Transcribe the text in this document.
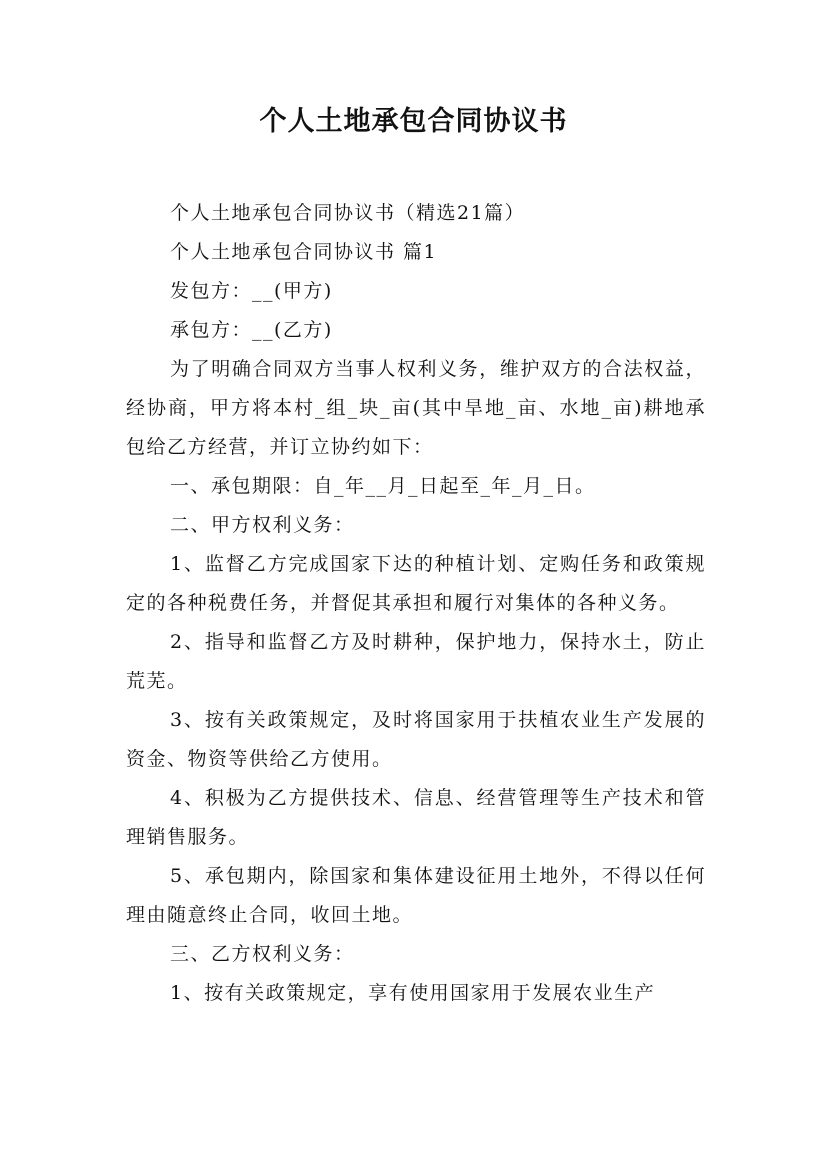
个人土地承包合同协议书

个人土地承包合同协议书（精选21篇）

个人土地承包合同协议书 篇1

发包方：__(甲方)

承包方：__(乙方)

为了明确合同双方当事人权利义务，维护双方的合法权益，经协商，甲方将本村_组_块_亩(其中旱地_亩、水地_亩)耕地承包给乙方经营，并订立协约如下：

一、承包期限：自_年__月_日起至_年_月_日。

二、甲方权利义务：

1、监督乙方完成国家下达的种植计划、定购任务和政策规定的各种税费任务，并督促其承担和履行对集体的各种义务。

2、指导和监督乙方及时耕种，保护地力，保持水土，防止荒芜。

3、按有关政策规定，及时将国家用于扶植农业生产发展的资金、物资等供给乙方使用。

4、积极为乙方提供技术、信息、经营管理等生产技术和管理销售服务。

5、承包期内，除国家和集体建设征用土地外，不得以任何理由随意终止合同，收回土地。

三、乙方权利义务：

1、按有关政策规定，享有使用国家用于发展农业生产
